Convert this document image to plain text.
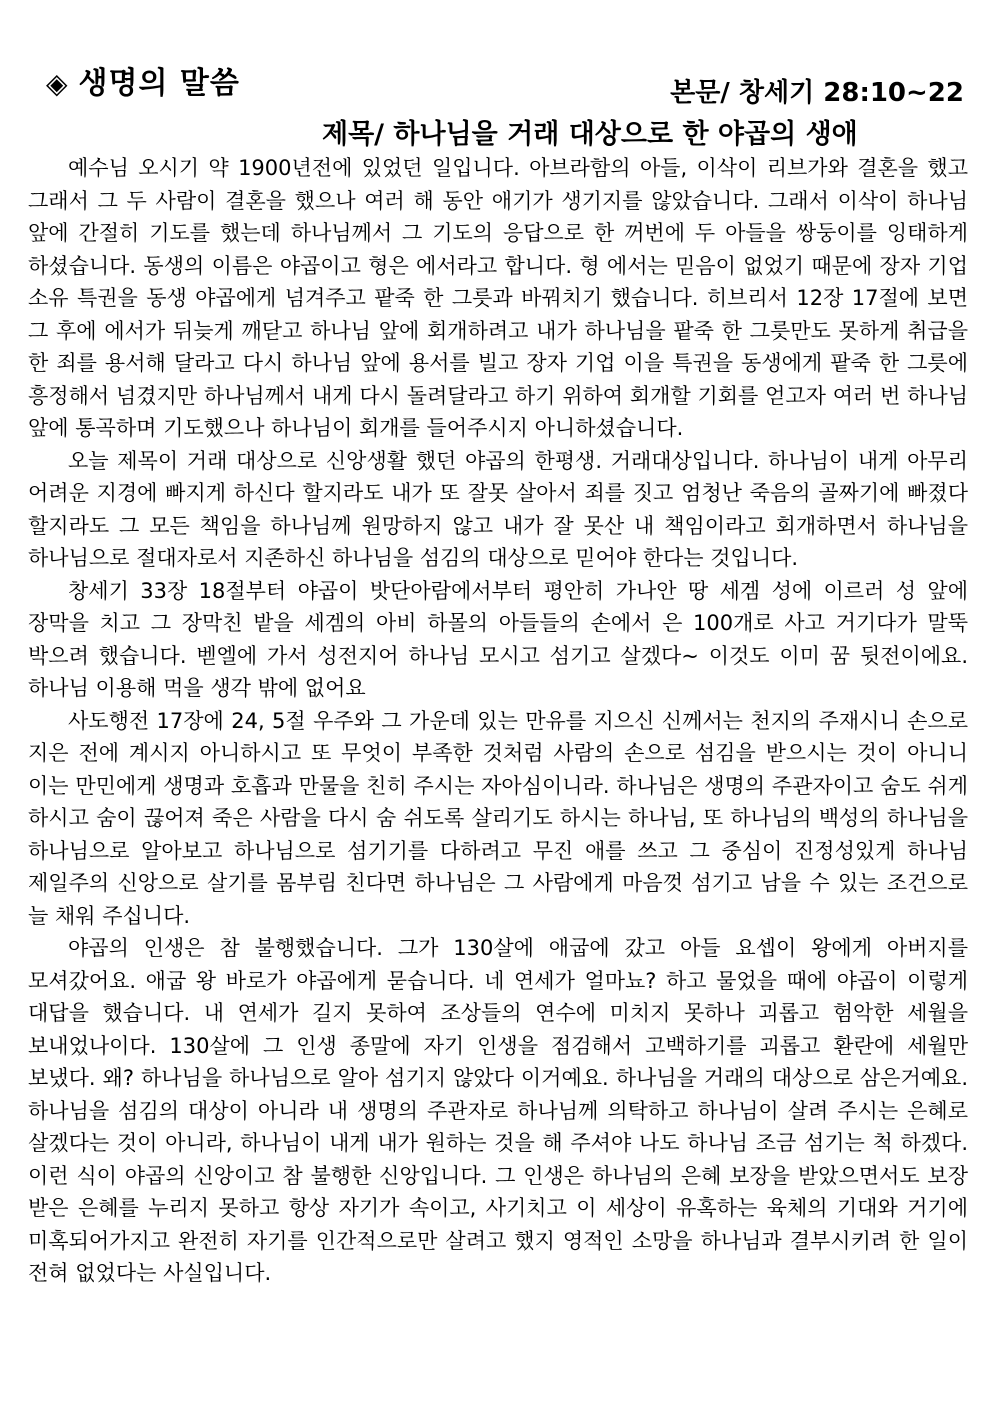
◈ 생명의 말씀	본문/ 창세기 28:10~22
제목/ 하나님을 거래 대상으로 한 야곱의 생애

예수님 오시기 약 1900년전에 있었던 일입니다. 아브라함의 아들, 이삭이 리브가와 결혼을 했고 그래서 그 두 사람이 결혼을 했으나 여러 해 동안 애기가 생기지를 않았습니다. 그래서 이삭이 하나님 앞에 간절히 기도를 했는데 하나님께서 그 기도의 응답으로 한 꺼번에 두 아들을 쌍둥이를 잉태하게 하셨습니다. 동생의 이름은 야곱이고 형은 에서라고 합니다. 형 에서는 믿음이 없었기 때문에 장자 기업 소유 특권을 동생 야곱에게 넘겨주고 팥죽 한 그릇과 바꿔치기 했습니다. 히브리서 12장 17절에 보면 그 후에 에서가 뒤늦게 깨닫고 하나님 앞에 회개하려고 내가 하나님을 팥죽 한 그릇만도 못하게 취급을 한 죄를 용서해 달라고 다시 하나님 앞에 용서를 빌고 장자 기업 이을 특권을 동생에게 팥죽 한 그릇에 흥정해서 넘겼지만 하나님께서 내게 다시 돌려달라고 하기 위하여 회개할 기회를 얻고자 여러 번 하나님 앞에 통곡하며 기도했으나 하나님이 회개를 들어주시지 아니하셨습니다.

오늘 제목이 거래 대상으로 신앙생활 했던 야곱의 한평생. 거래대상입니다. 하나님이 내게 아무리 어려운 지경에 빠지게 하신다 할지라도 내가 또 잘못 살아서 죄를 짓고 엄청난 죽음의 골짜기에 빠졌다 할지라도 그 모든 책임을 하나님께 원망하지 않고 내가 잘 못산 내 책임이라고 회개하면서 하나님을 하나님으로 절대자로서 지존하신 하나님을 섬김의 대상으로 믿어야 한다는 것입니다.

창세기 33장 18절부터 야곱이 밧단아람에서부터 평안히 가나안 땅 세겜 성에 이르러 성 앞에 장막을 치고 그 장막친 밭을 세겜의 아비 하몰의 아들들의 손에서 은 100개로 사고 거기다가 말뚝 박으려 했습니다. 벧엘에 가서 성전지어 하나님 모시고 섬기고 살겠다~ 이것도 이미 꿈 뒷전이에요. 하나님 이용해 먹을 생각 밖에 없어요

사도행전 17장에 24, 5절 우주와 그 가운데 있는 만유를 지으신 신께서는 천지의 주재시니 손으로 지은 전에 계시지 아니하시고 또 무엇이 부족한 것처럼 사람의 손으로 섬김을 받으시는 것이 아니니 이는 만민에게 생명과 호흡과 만물을 친히 주시는 자아심이니라. 하나님은 생명의 주관자이고 숨도 쉬게 하시고 숨이 끊어져 죽은 사람을 다시 숨 쉬도록 살리기도 하시는 하나님, 또 하나님의 백성의 하나님을 하나님으로 알아보고 하나님으로 섬기기를 다하려고 무진 애를 쓰고 그 중심이 진정성있게 하나님 제일주의 신앙으로 살기를 몸부림 친다면 하나님은 그 사람에게 마음껏 섬기고 남을 수 있는 조건으로 늘 채워 주십니다.

야곱의 인생은 참 불행했습니다. 그가 130살에 애굽에 갔고 아들 요셉이 왕에게 아버지를 모셔갔어요. 애굽 왕 바로가 야곱에게 묻습니다. 네 연세가 얼마뇨? 하고 물었을 때에 야곱이 이렇게 대답을 했습니다. 내 연세가 길지 못하여 조상들의 연수에 미치지 못하나 괴롭고 험악한 세월을 보내었나이다. 130살에 그 인생 종말에 자기 인생을 점검해서 고백하기를 괴롭고 환란에 세월만 보냈다. 왜? 하나님을 하나님으로 알아 섬기지 않았다 이거예요. 하나님을 거래의 대상으로 삼은거예요. 하나님을 섬김의 대상이 아니라 내 생명의 주관자로 하나님께 의탁하고 하나님이 살려 주시는 은혜로 살겠다는 것이 아니라, 하나님이 내게 내가 원하는 것을 해 주셔야 나도 하나님 조금 섬기는 척 하겠다. 이런 식이 야곱의 신앙이고 참 불행한 신앙입니다. 그 인생은 하나님의 은혜 보장을 받았으면서도 보장 받은 은혜를 누리지 못하고 항상 자기가 속이고, 사기치고 이 세상이 유혹하는 육체의 기대와 거기에 미혹되어가지고 완전히 자기를 인간적으로만 살려고 했지 영적인 소망을 하나님과 결부시키려 한 일이 전혀 없었다는 사실입니다.
